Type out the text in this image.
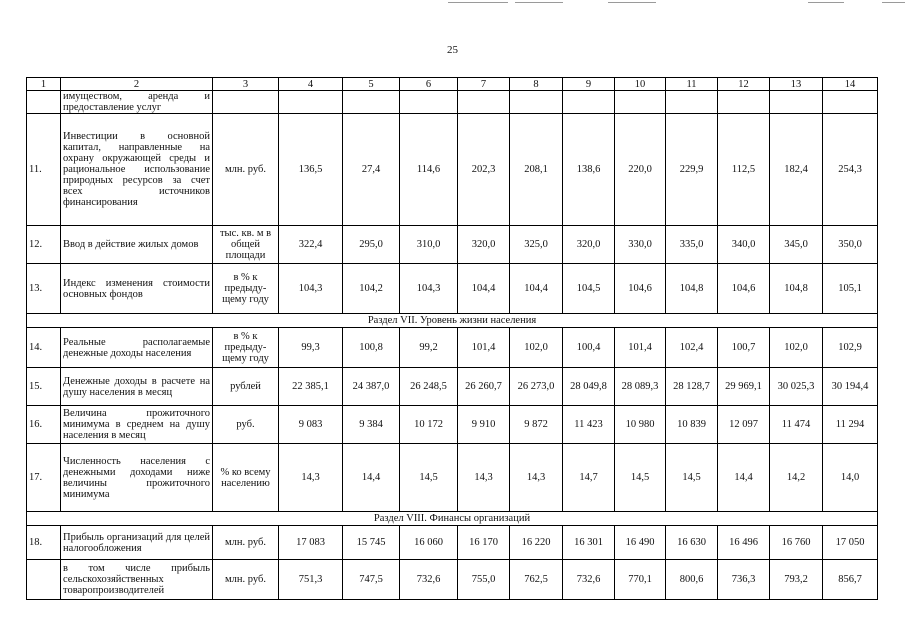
25
1	2	3	4	5	6	7	8	9	10	11	12	13	14
	имуществом, аренда и предоставление услуг												
11.	Инвестиции в основной капитал, направленные на охрану окружающей среды и рациональное использование природных ресурсов за счет всех источников финансирования	млн. руб.	136,5	27,4	114,6	202,3	208,1	138,6	220,0	229,9	112,5	182,4	254,3
12.	Ввод в действие жилых домов	тыс. кв. м в общей площади	322,4	295,0	310,0	320,0	325,0	320,0	330,0	335,0	340,0	345,0	350,0
13.	Индекс изменения стоимости основных фондов	в % к предыду-щему году	104,3	104,2	104,3	104,4	104,4	104,5	104,6	104,8	104,6	104,8	105,1
Раздел VII. Уровень жизни населения													
14.	Реальные располагаемые денежные доходы населения	в % к предыду-щему году	99,3	100,8	99,2	101,4	102,0	100,4	101,4	102,4	100,7	102,0	102,9
15.	Денежные доходы в расчете на душу населения в месяц	рублей	22 385,1	24 387,0	26 248,5	26 260,7	26 273,0	28 049,8	28 089,3	28 128,7	29 969,1	30 025,3	30 194,4
16.	Величина прожиточного минимума в среднем на душу населения в месяц	руб.	9 083	9 384	10 172	9 910	9 872	11 423	10 980	10 839	12 097	11 474	11 294
17.	Численность населения с денежными доходами ниже величины прожиточного минимума	% ко всему населению	14,3	14,4	14,5	14,3	14,3	14,7	14,5	14,5	14,4	14,2	14,0
Раздел VIII. Финансы организаций													
18.	Прибыль организаций для целей налогообложения	млн. руб.	17 083	15 745	16 060	16 170	16 220	16 301	16 490	16 630	16 496	16 760	17 050
	в том числе прибыль сельскохозяйственных товаропроизводителей	млн. руб.	751,3	747,5	732,6	755,0	762,5	732,6	770,1	800,6	736,3	793,2	856,7
